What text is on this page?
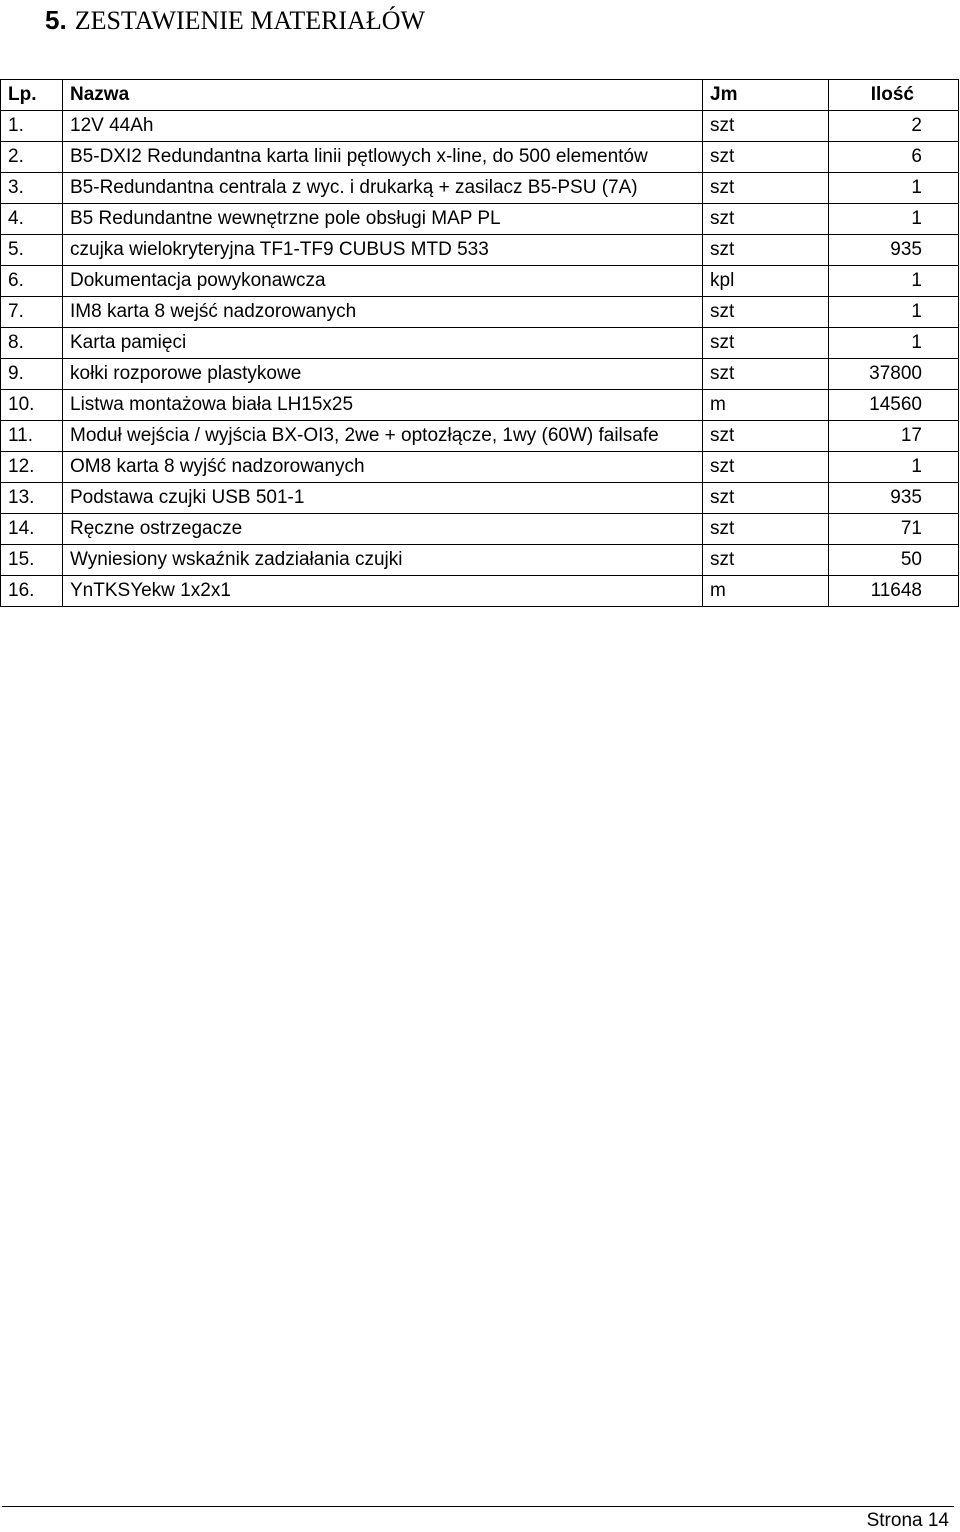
5. ZESTAWIENIE MATERIAŁÓW
Lp.	Nazwa	Jm	Ilość
1.	12V 44Ah	szt	2
2.	B5-DXI2 Redundantna karta linii pętlowych x-line, do 500 elementów	szt	6
3.	B5-Redundantna centrala z wyc. i drukarką + zasilacz B5-PSU (7A)	szt	1
4.	B5 Redundantne wewnętrzne pole obsługi MAP PL	szt	1
5.	czujka wielokryteryjna TF1-TF9 CUBUS MTD 533	szt	935
6.	Dokumentacja powykonawcza	kpl	1
7.	IM8 karta 8 wejść nadzorowanych	szt	1
8.	Karta pamięci	szt	1
9.	kołki rozporowe plastykowe	szt	37800
10.	Listwa montażowa biała LH15x25	m	14560
11.	Moduł wejścia / wyjścia BX-OI3, 2we + optozłącze, 1wy (60W) failsafe	szt	17
12.	OM8 karta 8 wyjść nadzorowanych	szt	1
13.	Podstawa czujki USB 501-1	szt	935
14.	Ręczne ostrzegacze	szt	71
15.	Wyniesiony wskaźnik zadziałania czujki	szt	50
16.	YnTKSYekw 1x2x1	m	11648
Strona 14
